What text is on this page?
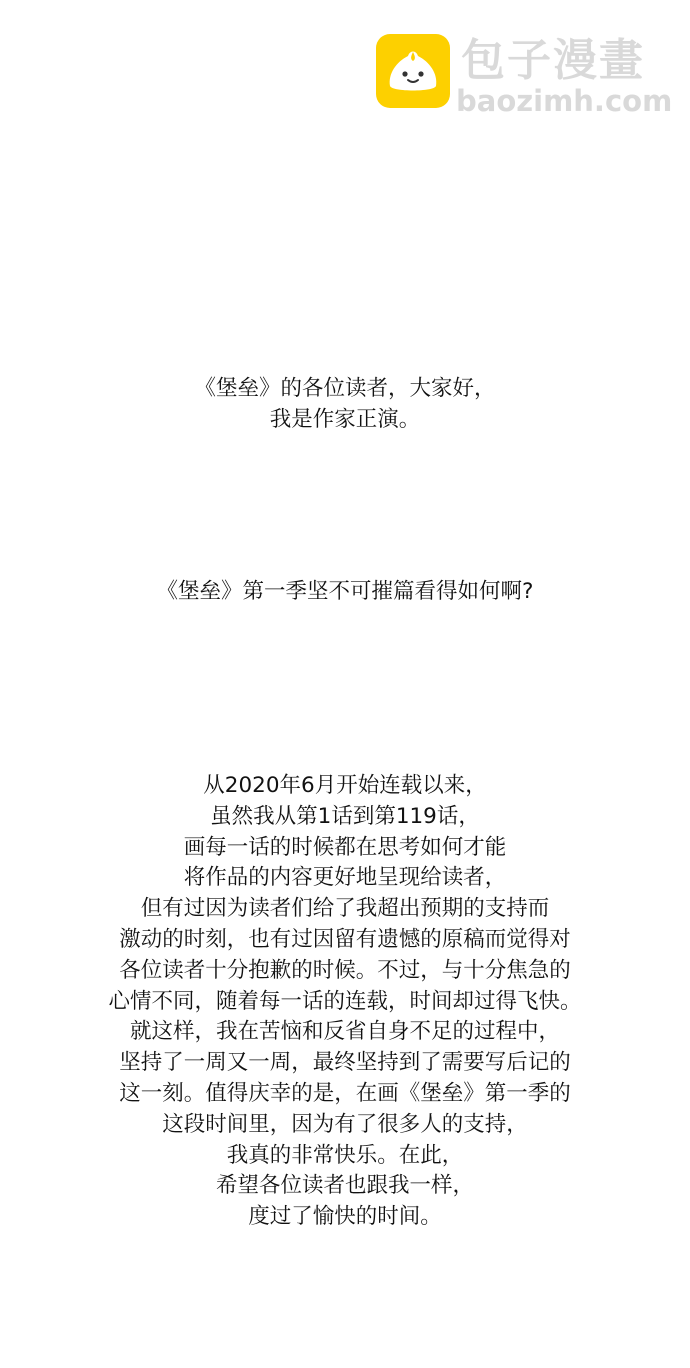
包子漫畫
baozimh.com
《堡垒》的各位读者，大家好，
我是作家正演。
《堡垒》第一季坚不可摧篇看得如何啊?
从2020年6月开始连载以来，
虽然我从第1话到第119话，
画每一话的时候都在思考如何才能
将作品的内容更好地呈现给读者，
但有过因为读者们给了我超出预期的支持而
激动的时刻，也有过因留有遗憾的原稿而觉得对
各位读者十分抱歉的时候。不过，与十分焦急的
心情不同，随着每一话的连载，时间却过得飞快。
就这样，我在苦恼和反省自身不足的过程中，
坚持了一周又一周，最终坚持到了需要写后记的
这一刻。值得庆幸的是，在画《堡垒》第一季的
这段时间里，因为有了很多人的支持，
我真的非常快乐。在此，
希望各位读者也跟我一样，
度过了愉快的时间。
